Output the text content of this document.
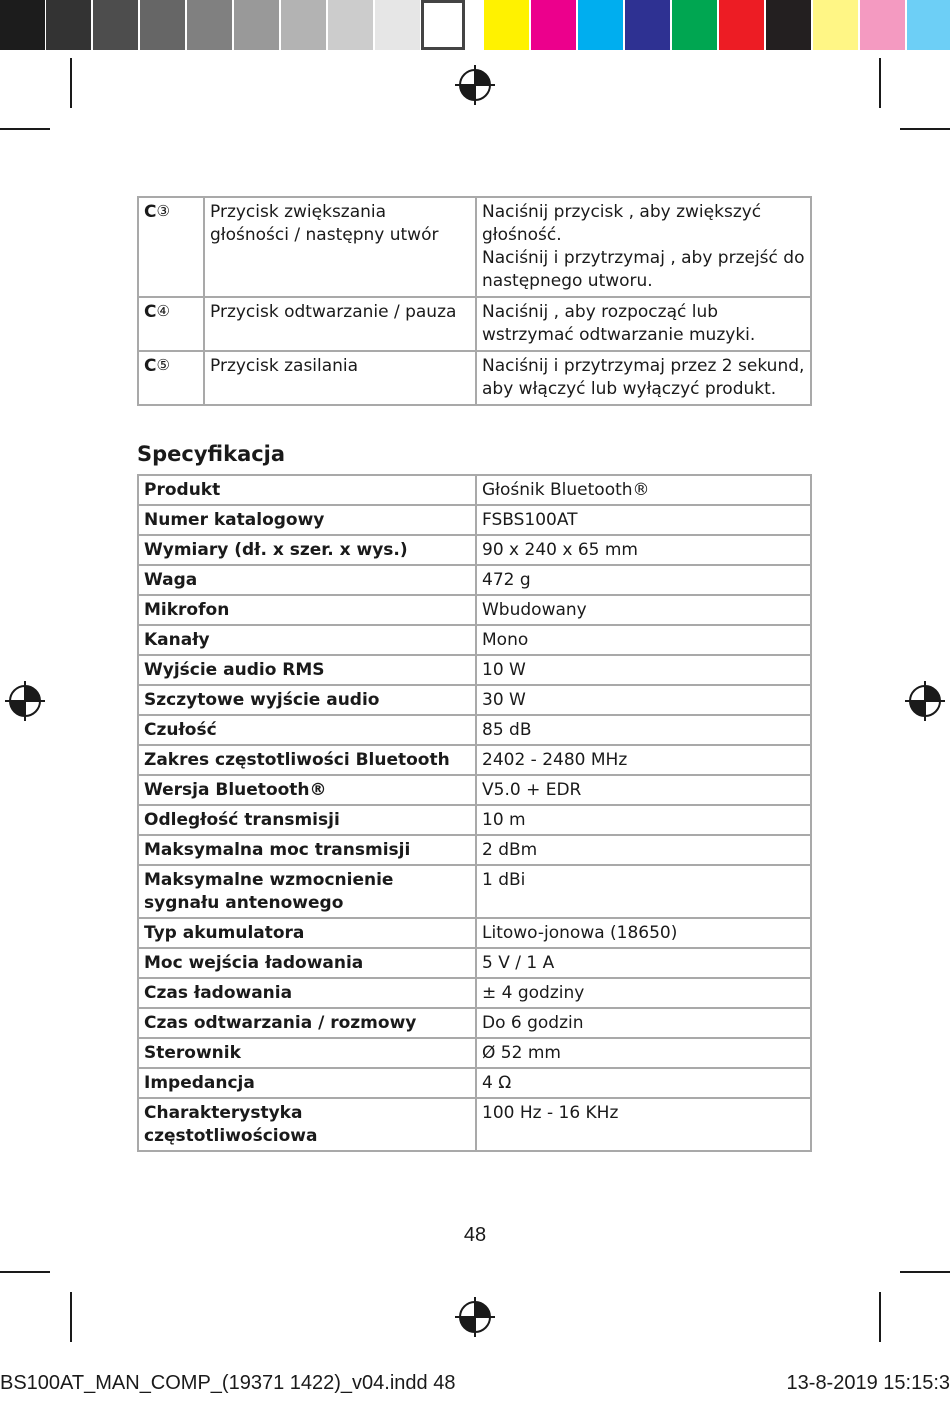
C③	Przycisk zwiększania głośności / następny utwór	Naciśnij przycisk , aby zwiększyć głośność.
Naciśnij i przytrzymaj , aby przejść do następnego utworu.

C④	Przycisk odtwarzanie / pauza	Naciśnij , aby rozpocząć lub wstrzymać odtwarzanie muzyki.

C⑤	Przycisk zasilania	Naciśnij i przytrzymaj przez 2 sekund, aby włączyć lub wyłączyć produkt.
Specyfikacja
Produkt	Głośnik Bluetooth®
Numer katalogowy	FSBS100AT
Wymiary (dł. x szer. x wys.)	90 x 240 x 65 mm
Waga	472 g
Mikrofon	Wbudowany
Kanały	Mono
Wyjście audio RMS	10 W
Szczytowe wyjście audio	30 W
Czułość	85 dB
Zakres częstotliwości Bluetooth	2402 - 2480 MHz
Wersja Bluetooth®	V5.0 + EDR
Odległość transmisji	10 m
Maksymalna moc transmisji	2 dBm
Maksymalne wzmocnienie sygnału antenowego	1 dBi
Typ akumulatora	Litowo-jonowa (18650)
Moc wejścia ładowania	5 V / 1 A
Czas ładowania	± 4 godziny
Czas odtwarzania / rozmowy	Do 6 godzin
Sterownik	Ø 52 mm
Impedancja	4 Ω
Charakterystyka częstotliwościowa	100 Hz - 16 KHz
48
BS100AT_MAN_COMP_(19371 1422)_v04.indd 48	13-8-2019 15:15:3
